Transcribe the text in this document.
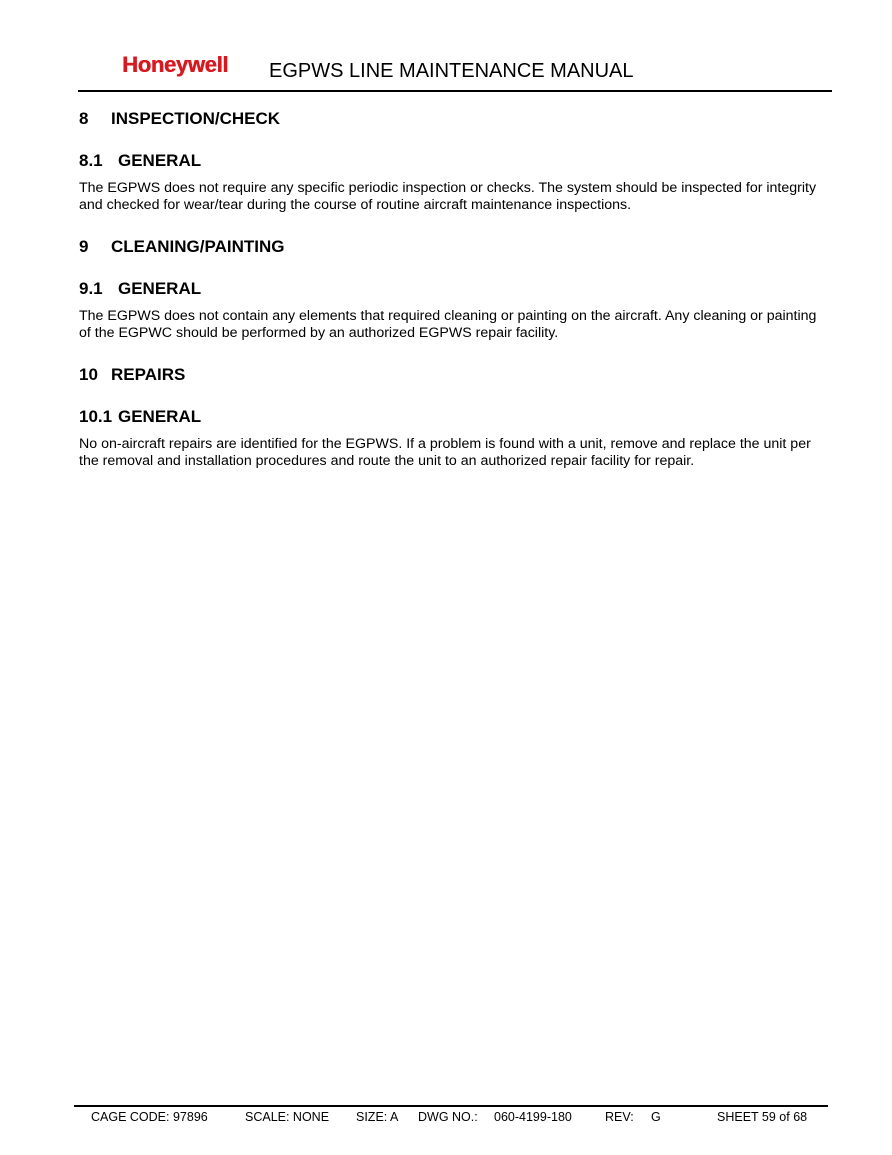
Honeywell EGPWS LINE MAINTENANCE MANUAL
8	INSPECTION/CHECK
8.1 GENERAL

The EGPWS does not require any specific periodic inspection or checks. The system should be inspected for integrity and checked for wear/tear during the course of routine aircraft maintenance inspections.

9	CLEANING/PAINTING
9.1 GENERAL

The EGPWS does not contain any elements that required cleaning or painting on the aircraft. Any cleaning or painting of the EGPWC should be performed by an authorized EGPWS repair facility.

10 REPAIRS
10.1 GENERAL

No on-aircraft repairs are identified for the EGPWS. If a problem is found with a unit, remove and replace the unit per the removal and installation procedures and route the unit to an authorized repair facility for repair.

CAGE CODE: 97896	SCALE: NONE SIZE: A DWG NO.: 060-4199-180	REV: G	SHEET 59 of 68
